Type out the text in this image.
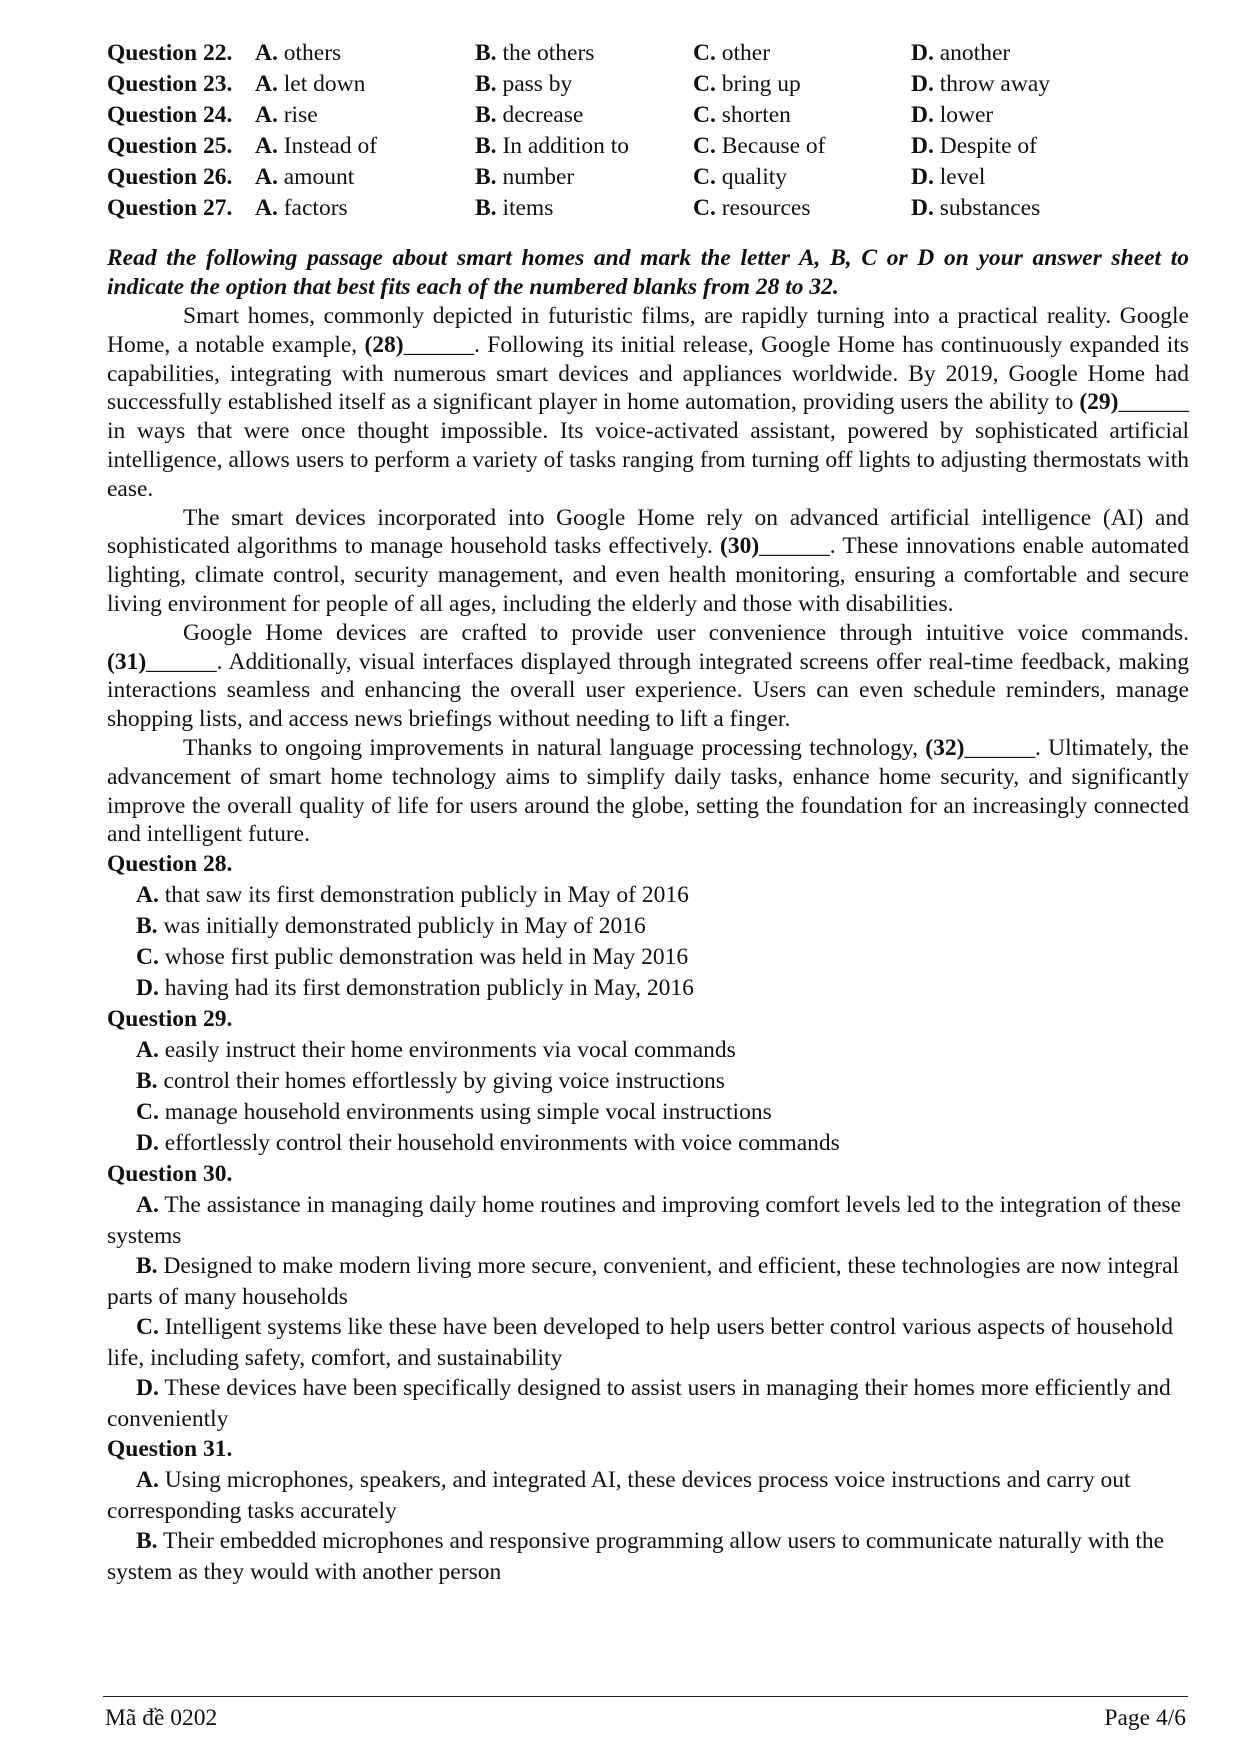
Question 22.	A. others	B. the others	C. other	D. another
Question 23.	A. let down	B. pass by	C. bring up	D. throw away
Question 24.	A. rise	B. decrease	C. shorten	D. lower
Question 25.	A. Instead of	B. In addition to	C. Because of	D. Despite of
Question 26.	A. amount	B. number	C. quality	D. level
Question 27.	A. factors	B. items	C. resources	D. substances
Read the following passage about smart homes and mark the letter A, B, C or D on your answer sheet to indicate the option that best fits each of the numbered blanks from 28 to 32.

Smart homes, commonly depicted in futuristic films, are rapidly turning into a practical reality. Google Home, a notable example, (28)______. Following its initial release, Google Home has continuously expanded its capabilities, integrating with numerous smart devices and appliances worldwide. By 2019, Google Home had successfully established itself as a significant player in home automation, providing users the ability to (29)______ in ways that were once thought impossible. Its voice-activated assistant, powered by sophisticated artificial intelligence, allows users to perform a variety of tasks ranging from turning off lights to adjusting thermostats with ease.

The smart devices incorporated into Google Home rely on advanced artificial intelligence (AI) and sophisticated algorithms to manage household tasks effectively. (30)______. These innovations enable automated lighting, climate control, security management, and even health monitoring, ensuring a comfortable and secure living environment for people of all ages, including the elderly and those with disabilities.

Google Home devices are crafted to provide user convenience through intuitive voice commands. (31)______. Additionally, visual interfaces displayed through integrated screens offer real-time feedback, making interactions seamless and enhancing the overall user experience. Users can even schedule reminders, manage shopping lists, and access news briefings without needing to lift a finger.

Thanks to ongoing improvements in natural language processing technology, (32)______. Ultimately, the advancement of smart home technology aims to simplify daily tasks, enhance home security, and significantly improve the overall quality of life for users around the globe, setting the foundation for an increasingly connected and intelligent future.

Question 28.

A. that saw its first demonstration publicly in May of 2016

B. was initially demonstrated publicly in May of 2016

C. whose first public demonstration was held in May 2016

D. having had its first demonstration publicly in May, 2016

Question 29.

A. easily instruct their home environments via vocal commands

B. control their homes effortlessly by giving voice instructions

C. manage household environments using simple vocal instructions

D. effortlessly control their household environments with voice commands

Question 30.

A. The assistance in managing daily home routines and improving comfort levels led to the integration of these systems

B. Designed to make modern living more secure, convenient, and efficient, these technologies are now integral parts of many households

C. Intelligent systems like these have been developed to help users better control various aspects of household life, including safety, comfort, and sustainability

D. These devices have been specifically designed to assist users in managing their homes more efficiently and conveniently

Question 31.

A. Using microphones, speakers, and integrated AI, these devices process voice instructions and carry out corresponding tasks accurately

B. Their embedded microphones and responsive programming allow users to communicate naturally with the system as they would with another person

Mã đề 0202	Page 4/6
